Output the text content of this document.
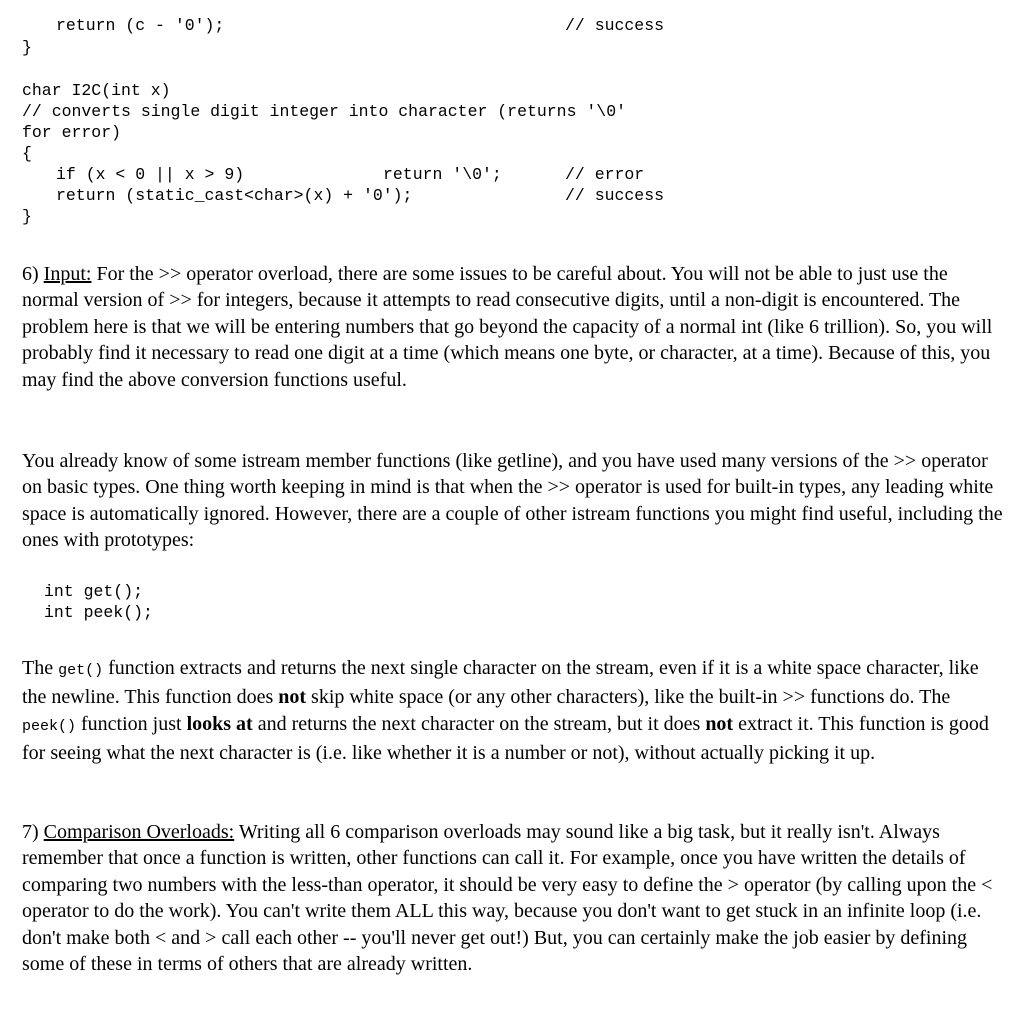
return (c - '0');	// success
}
char I2C(int x)
// converts single digit integer into character (returns '\0'
for error)
{
if (x < 0 || x > 9)	return '\0';	// error
return (static_cast<char>(x) + '0');	// success
}

6) Input: For the >> operator overload, there are some issues to be careful about. You will not be able to just use the normal version of >> for integers, because it attempts to read consecutive digits, until a non-digit is encountered. The problem here is that we will be entering numbers that go beyond the capacity of a normal int (like 6 trillion). So, you will probably find it necessary to read one digit at a time (which means one byte, or character, at a time). Because of this, you may find the above conversion functions useful.

You already know of some istream member functions (like getline), and you have used many versions of the >> operator on basic types. One thing worth keeping in mind is that when the >> operator is used for built-in types, any leading white space is automatically ignored. However, there are a couple of other istream functions you might find useful, including the ones with prototypes:

int get();
int peek();

The get() function extracts and returns the next single character on the stream, even if it is a white space character, like the newline. This function does not skip white space (or any other characters), like the built-in >> functions do. The peek() function just looks at and returns the next character on the stream, but it does not extract it. This function is good for seeing what the next character is (i.e. like whether it is a number or not), without actually picking it up.

7) Comparison Overloads: Writing all 6 comparison overloads may sound like a big task, but it really isn't. Always remember that once a function is written, other functions can call it. For example, once you have written the details of comparing two numbers with the less-than operator, it should be very easy to define the > operator (by calling upon the < operator to do the work). You can't write them ALL this way, because you don't want to get stuck in an infinite loop (i.e. don't make both < and > call each other -- you'll never get out!) But, you can certainly make the job easier by defining some of these in terms of others that are already written.
